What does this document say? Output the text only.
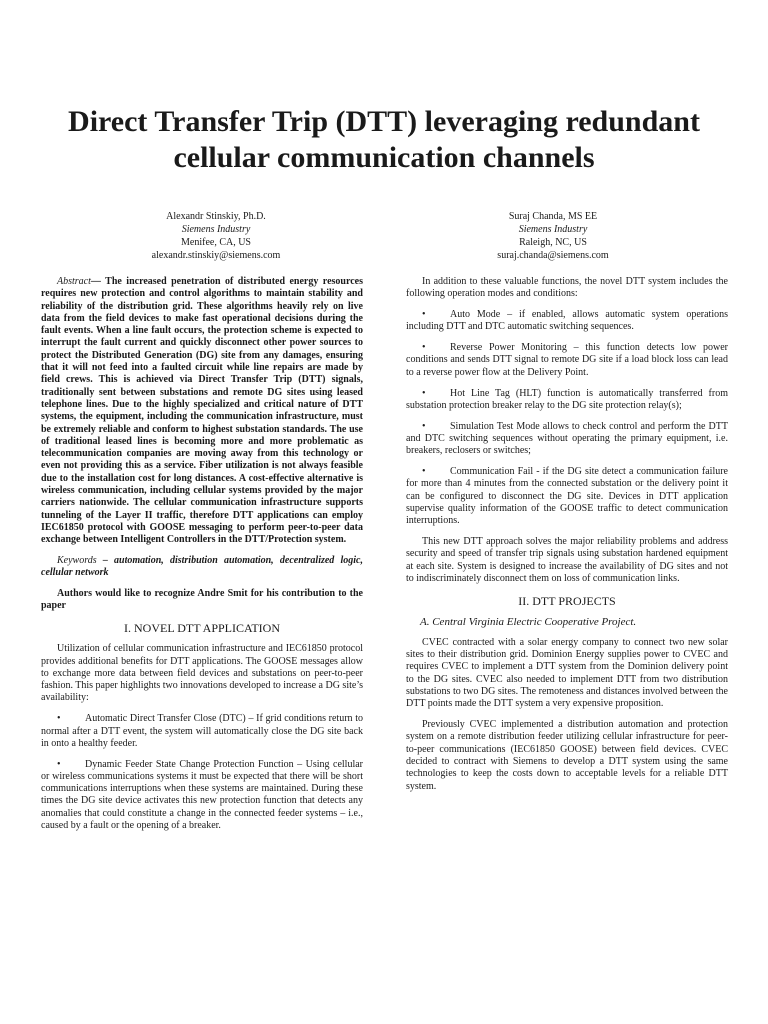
Direct Transfer Trip (DTT) leveraging redundant cellular communication channels
Alexandr Stinskiy, Ph.D.
Siemens Industry
Menifee, CA, US
alexandr.stinskiy@siemens.com
Suraj Chanda, MS EE
Siemens Industry
Raleigh, NC, US
suraj.chanda@siemens.com

Abstract— The increased penetration of distributed energy resources requires new protection and control algorithms to maintain stability and reliability of the distribution grid. These algorithms heavily rely on live data from the field devices to make fast operational decisions during the fault events. When a line fault occurs, the protection scheme is expected to interrupt the fault current and quickly disconnect other power sources to protect the Distributed Generation (DG) site from any damages, ensuring that it will not feed into a faulted circuit while line repairs are made by field crews. This is achieved via Direct Transfer Trip (DTT) signals, traditionally sent between substations and remote DG sites using leased telephone lines. Due to the highly specialized and critical nature of DTT systems, the equipment, including the communication infrastructure, must be extremely reliable and conform to highest substation standards. The use of traditional leased lines is becoming more and more problematic as telecommunication companies are moving away from this technology or even not providing this as a service. Fiber utilization is not always feasible due to the installation cost for long distances. A cost-effective alternative is wireless communication, including cellular systems provided by the major carriers nationwide. The cellular communication infrastructure supports tunneling of the Layer II traffic, therefore DTT applications can employ IEC61850 protocol with GOOSE messaging to perform peer-to-peer data exchange between Intelligent Controllers in the DTT/Protection system.

Keywords – automation, distribution automation, decentralized logic, cellular network

Authors would like to recognize Andre Smit for his contribution to the paper

I. NOVEL DTT APPLICATION

Utilization of cellular communication infrastructure and IEC61850 protocol provides additional benefits for DTT applications. The GOOSE messages allow to exchange more data between field devices and substations on peer-to-peer fashion. This paper highlights two innovations developed to increase a DG site’s availability:

• Automatic Direct Transfer Close (DTC) – If grid conditions return to normal after a DTT event, the system will automatically close the DG site back in onto a healthy feeder.

• Dynamic Feeder State Change Protection Function – Using cellular or wireless communications systems it must be expected that there will be short communications interruptions when these systems are maintained. During these times the DG site device activates this new protection function that detects any anomalies that could constitute a change in the connected feeder systems – i.e., caused by a fault or the opening of a breaker.

In addition to these valuable functions, the novel DTT system includes the following operation modes and conditions:

• Auto Mode – if enabled, allows automatic system operations including DTT and DTC automatic switching sequences.

• Reverse Power Monitoring – this function detects low power conditions and sends DTT signal to remote DG site if a load block loss can lead to a reverse power flow at the Delivery Point.

• Hot Line Tag (HLT) function is automatically transferred from substation protection breaker relay to the DG site protection relay(s);

• Simulation Test Mode allows to check control and perform the DTT and DTC switching sequences without operating the primary equipment, i.e. breakers, reclosers or switches;

• Communication Fail - if the DG site detect a communication failure for more than 4 minutes from the connected substation or the delivery point it can be configured to disconnect the DG site. Devices in DTT application supervise quality information of the GOOSE traffic to detect communication interruptions.

This new DTT approach solves the major reliability problems and address security and speed of transfer trip signals using substation hardened equipment at each site. System is designed to increase the availability of DG sites and not to indiscriminately disconnect them on loss of communication links.

II. DTT PROJECTS
A. Central Virginia Electric Cooperative Project.

CVEC contracted with a solar energy company to connect two new solar sites to their distribution grid. Dominion Energy supplies power to CVEC and requires CVEC to implement a DTT system from the Dominion delivery point to the DG sites. CVEC also needed to implement DTT from two distribution substations to two DG sites. The remoteness and distances involved between the DTT points made the DTT system a very expensive proposition.

Previously CVEC implemented a distribution automation and protection system on a remote distribution feeder utilizing cellular infrastructure for peer-to-peer communications (IEC61850 GOOSE) between field devices. CVEC decided to contract with Siemens to develop a DTT system using the same technologies to keep the costs down to acceptable levels for a reliable DTT system.
